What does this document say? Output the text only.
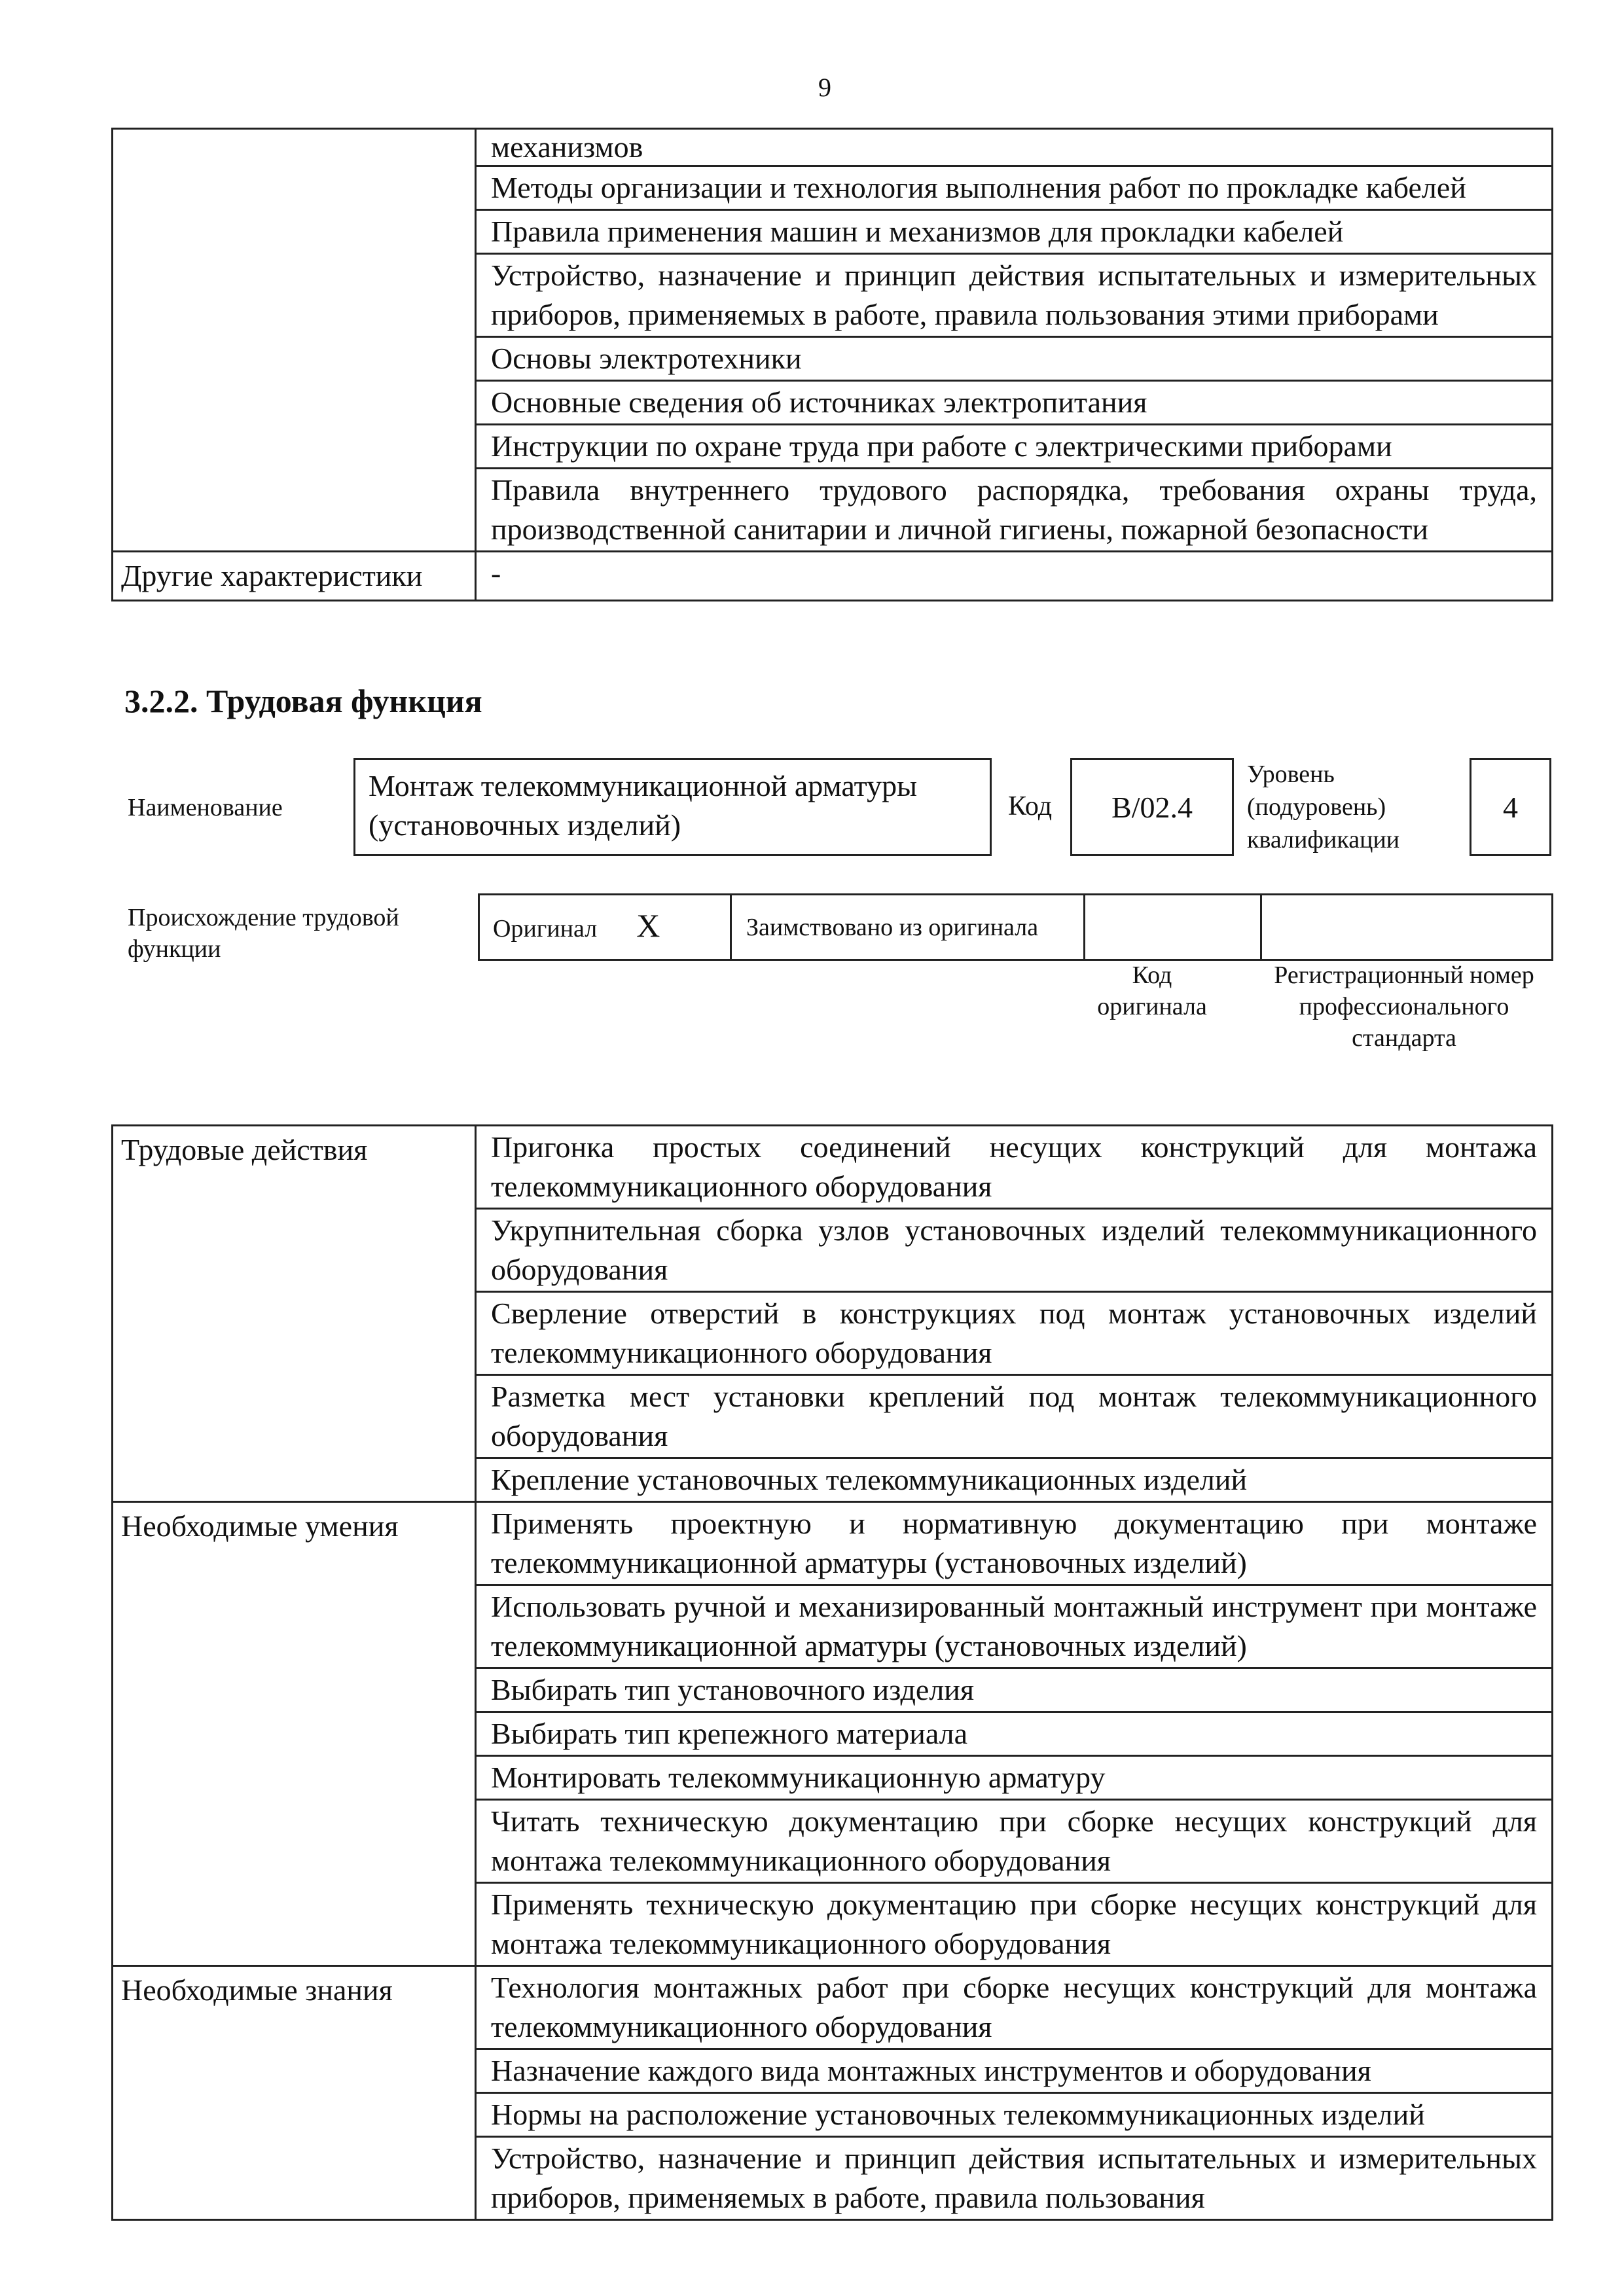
9
	механизмов
	Методы организации и технология выполнения работ по прокладке кабелей
	Правила применения машин и механизмов для прокладки кабелей
	Устройство, назначение и принцип действия испытательных и измерительных приборов, применяемых в работе, правила пользования этими приборами
	Основы электротехники
	Основные сведения об источниках электропитания
	Инструкции по охране труда при работе с электрическими приборами
	Правила внутреннего трудового распорядка, требования охраны труда, производственной санитарии и личной гигиены, пожарной безопасности
Другие характеристики	-
3.2.2. Трудовая функция
Наименование
Монтаж телекоммуникационной арматуры (установочных изделий)
Код B/02.4
Уровень (подуровень) квалификации
4
Происхождение трудовой функции
Оригинал X	Заимствовано из оригинала		
Код оригинала
Регистрационный номер профессионального стандарта
Трудовые действия	Пригонка простых соединений несущих конструкций для монтажа телекоммуникационного оборудования
	Укрупнительная сборка узлов установочных изделий телекоммуникационного оборудования
	Сверление отверстий в конструкциях под монтаж установочных изделий телекоммуникационного оборудования
	Разметка мест установки креплений под монтаж телекоммуникационного оборудования
	Крепление установочных телекоммуникационных изделий
Необходимые умения	Применять проектную и нормативную документацию при монтаже телекоммуникационной арматуры (установочных изделий)
	Использовать ручной и механизированный монтажный инструмент при монтаже телекоммуникационной арматуры (установочных изделий)
	Выбирать тип установочного изделия
	Выбирать тип крепежного материала
	Монтировать телекоммуникационную арматуру
	Читать техническую документацию при сборке несущих конструкций для монтажа телекоммуникационного оборудования
	Применять техническую документацию при сборке несущих конструкций для монтажа телекоммуникационного оборудования
Необходимые знания	Технология монтажных работ при сборке несущих конструкций для монтажа телекоммуникационного оборудования
	Назначение каждого вида монтажных инструментов и оборудования
	Нормы на расположение установочных телекоммуникационных изделий
	Устройство, назначение и принцип действия испытательных и измерительных приборов, применяемых в работе, правила пользования
